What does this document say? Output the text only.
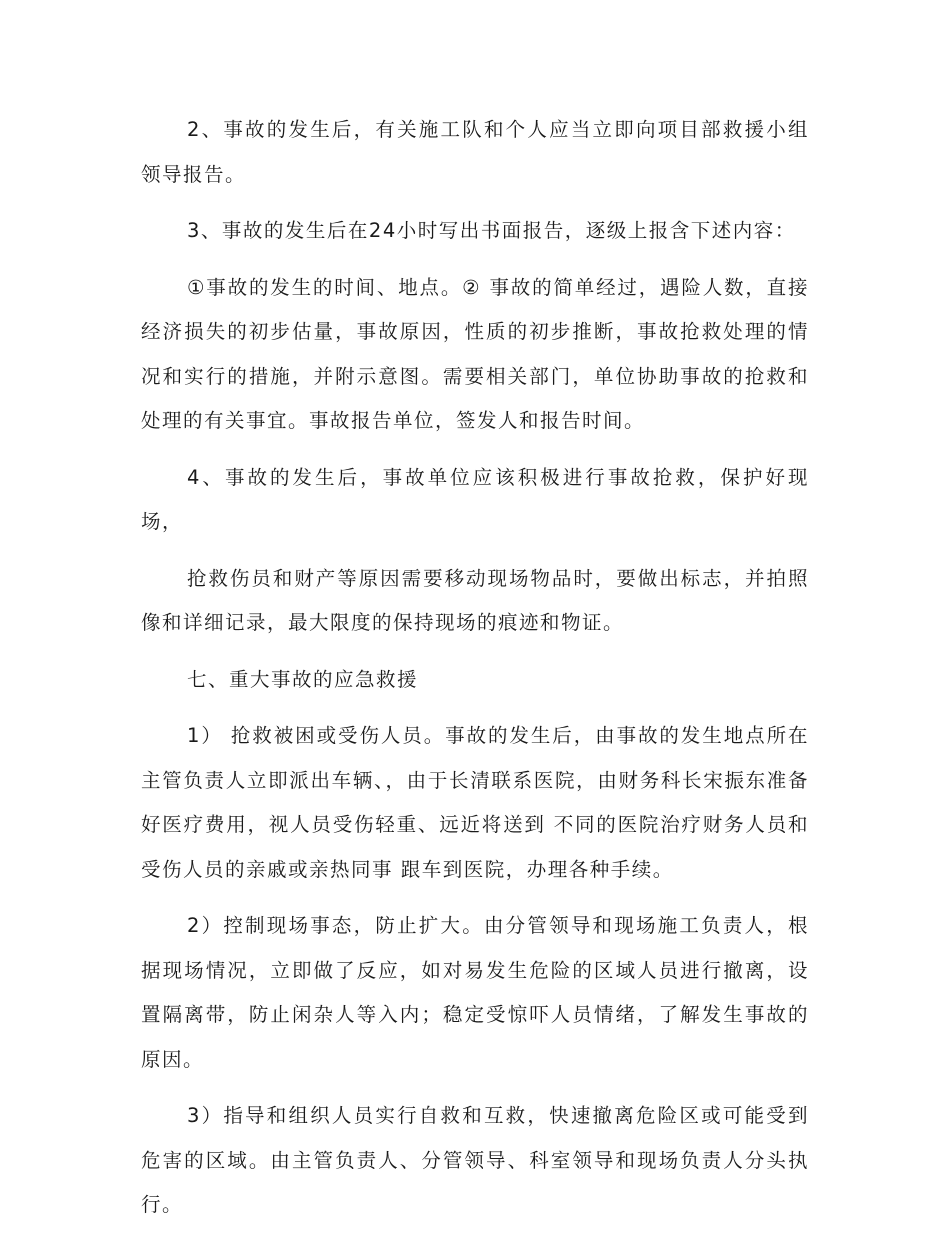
2、事故的发生后，有关施工队和个人应当立即向项目部救援小组领导报告。

3、事故的发生后在24小时写出书面报告，逐级上报含下述内容：

①事故的发生的时间、地点。② 事故的简单经过，遇险人数，直接经济损失的初步估量，事故原因，性质的初步推断，事故抢救处理的情况和实行的措施，并附示意图。需要相关部门，单位协助事故的抢救和处理的有关事宜。事故报告单位，签发人和报告时间。

4、事故的发生后，事故单位应该积极进行事故抢救，保护好现场，

抢救伤员和财产等原因需要移动现场物品时，要做出标志，并拍照像和详细记录，最大限度的保持现场的痕迹和物证。

七、重大事故的应急救援

1） 抢救被困或受伤人员。事故的发生后，由事故的发生地点所在主管负责人立即派出车辆、，由于长清联系医院，由财务科长宋振东准备好医疗费用，视人员受伤轻重、远近将送到 不同的医院治疗财务人员和受伤人员的亲戚或亲热同事 跟车到医院，办理各种手续。

2）控制现场事态，防止扩大。由分管领导和现场施工负责人，根据现场情况，立即做了反应，如对易发生危险的区域人员进行撤离，设置隔离带，防止闲杂人等入内；稳定受惊吓人员情绪，了解发生事故的原因。

3）指导和组织人员实行自救和互救，快速撤离危险区或可能受到危害的区域。由主管负责人、分管领导、科室领导和现场负责人分头执行。
